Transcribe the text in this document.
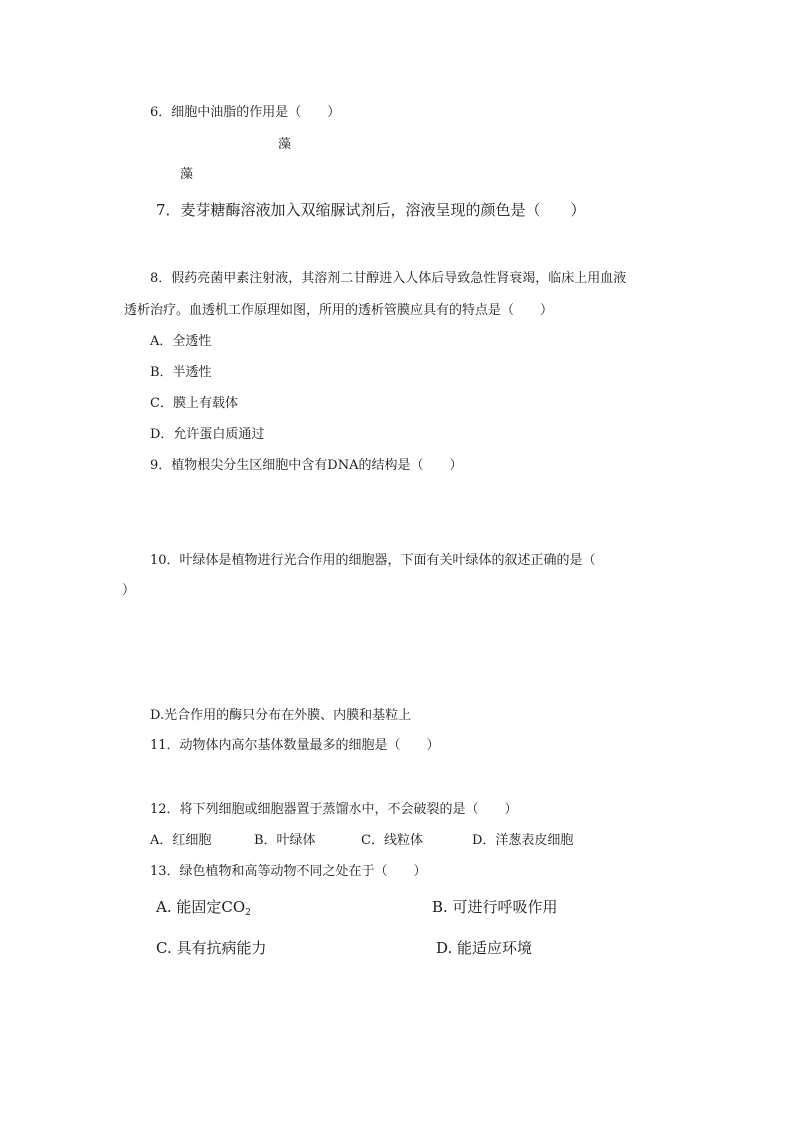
6．细胞中油脂的作用是（　　）
藻
藻
7．麦芽糖酶溶液加入双缩脲试剂后，溶液呈现的颜色是（　　）
8．假药亮菌甲素注射液，其溶剂二甘醇进入人体后导致急性肾衰竭，临床上用血液
透析治疗。血透机工作原理如图，所用的透析管膜应具有的特点是（　　）
A．全透性
B．半透性
C．膜上有载体
D．允许蛋白质通过
9．植物根尖分生区细胞中含有DNA的结构是（　　）
10．叶绿体是植物进行光合作用的细胞器，下面有关叶绿体的叙述正确的是（
）
D.光合作用的酶只分布在外膜、内膜和基粒上
11．动物体内高尔基体数量最多的细胞是（　　）
12．将下列细胞或细胞器置于蒸馏水中，不会破裂的是（　　）
A．红细胞	B．叶绿体	C．线粒体	D．洋葱表皮细胞
13．绿色植物和高等动物不同之处在于（　　）
A. 能固定$CO_2$	B. 可进行呼吸作用
C. 具有抗病能力	D. 能适应环境
